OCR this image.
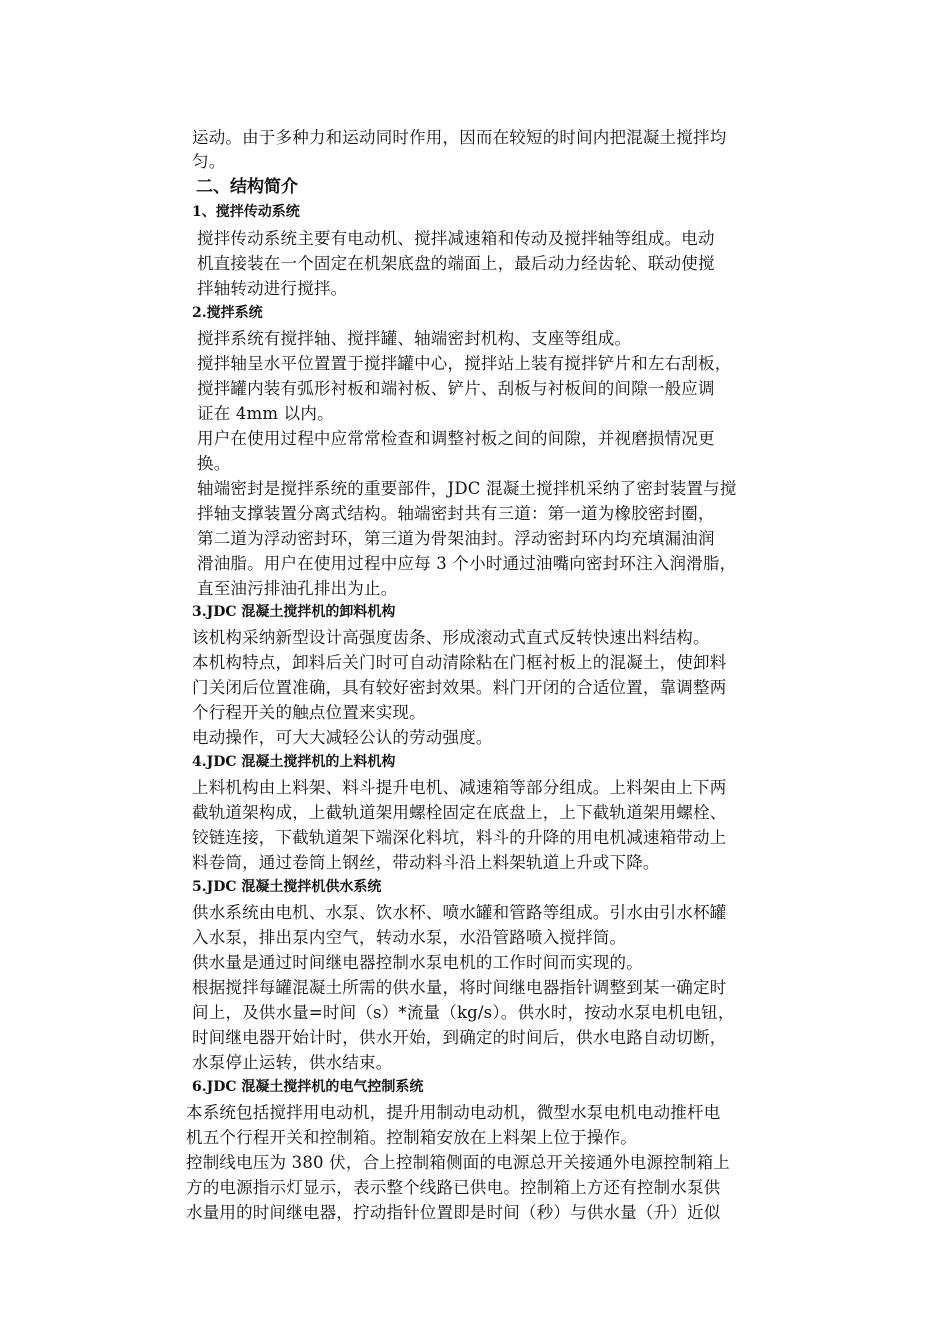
运动。由于多种力和运动同时作用，因而在较短的时间内把混凝土搅拌均
匀。
二、结构简介
1、搅拌传动系统
搅拌传动系统主要有电动机、搅拌减速箱和传动及搅拌轴等组成。电动
机直接装在一个固定在机架底盘的端面上，最后动力经齿轮、联动使搅
拌轴转动进行搅拌。
2.搅拌系统
搅拌系统有搅拌轴、搅拌罐、轴端密封机构、支座等组成。
搅拌轴呈水平位置置于搅拌罐中心，搅拌站上装有搅拌铲片和左右刮板，
搅拌罐内装有弧形衬板和端衬板、铲片、刮板与衬板间的间隙一般应调
证在 4mm 以内。
用户在使用过程中应常常检查和调整衬板之间的间隙，并视磨损情况更
换。
轴端密封是搅拌系统的重要部件，JDC 混凝土搅拌机采纳了密封装置与搅
拌轴支撑装置分离式结构。轴端密封共有三道：第一道为橡胶密封圈，
第二道为浮动密封环，第三道为骨架油封。浮动密封环内均充填漏油润
滑油脂。用户在使用过程中应每 3 个小时通过油嘴向密封环注入润滑脂，
直至油污排油孔排出为止。
3.JDC 混凝土搅拌机的卸料机构
该机构采纳新型设计高强度齿条、形成滚动式直式反转快速出料结构。
本机构特点，卸料后关门时可自动清除粘在门框衬板上的混凝土，使卸料
门关闭后位置准确，具有较好密封效果。料门开闭的合适位置，靠调整两
个行程开关的触点位置来实现。
电动操作，可大大减轻公认的劳动强度。
4.JDC 混凝土搅拌机的上料机构
上料机构由上料架、料斗提升电机、减速箱等部分组成。上料架由上下两
截轨道架构成，上截轨道架用螺栓固定在底盘上，上下截轨道架用螺栓、
铰链连接，下截轨道架下端深化料坑，料斗的升降的用电机减速箱带动上
料卷筒，通过卷筒上钢丝，带动料斗沿上料架轨道上升或下降。
5.JDC 混凝土搅拌机供水系统
供水系统由电机、水泵、饮水杯、喷水罐和管路等组成。引水由引水杯罐
入水泵，排出泵内空气，转动水泵，水沿管路喷入搅拌筒。
供水量是通过时间继电器控制水泵电机的工作时间而实现的。
根据搅拌每罐混凝土所需的供水量，将时间继电器指针调整到某一确定时
间上，及供水量=时间（s）*流量（kg/s）。供水时，按动水泵电机电钮，
时间继电器开始计时，供水开始，到确定的时间后，供水电路自动切断，
水泵停止运转，供水结束。
6.JDC 混凝土搅拌机的电气控制系统
本系统包括搅拌用电动机，提升用制动电动机，微型水泵电机电动推杆电
机五个行程开关和控制箱。控制箱安放在上料架上位于操作。
控制线电压为 380 伏，合上控制箱侧面的电源总开关接通外电源控制箱上
方的电源指示灯显示，表示整个线路已供电。控制箱上方还有控制水泵供
水量用的时间继电器，拧动指针位置即是时间（秒）与供水量（升）近似
